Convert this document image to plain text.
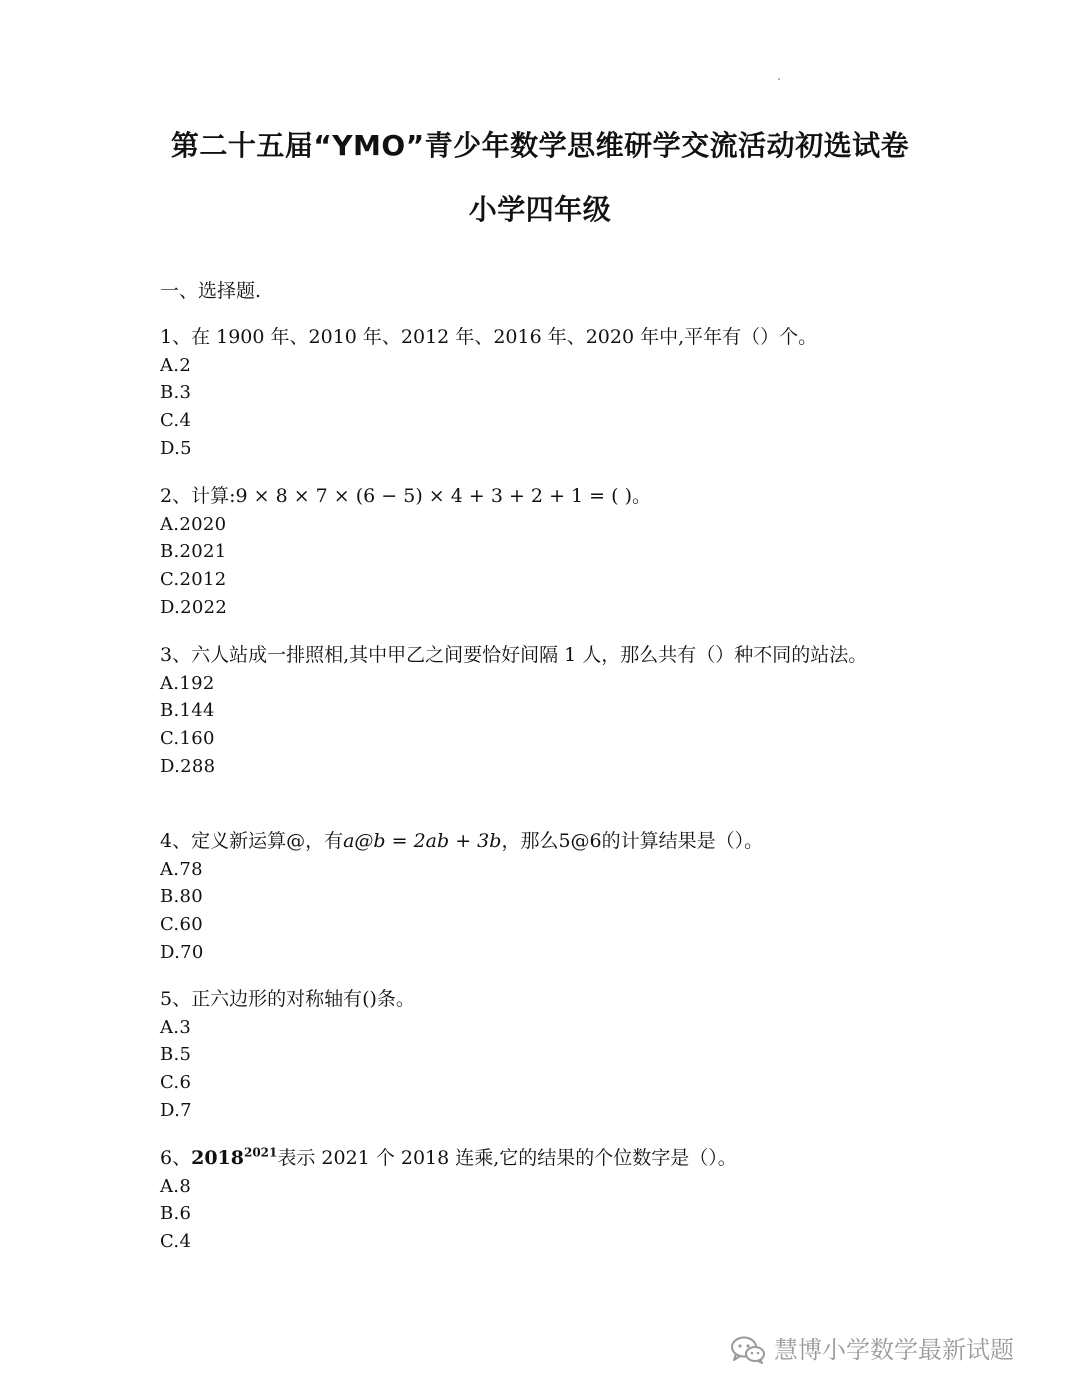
第二十五届“YMO”青少年数学思维研学交流活动初选试卷
小学四年级

一、选择题.

1、在 1900 年、2010 年、2012 年、2016 年、2020 年中,平年有（）个。

A.2
B.3
C.4
D.5

2、计算:9 × 8 × 7 × (6 − 5) × 4 + 3 + 2 + 1 = ( )。

A.2020
B.2021
C.2012
D.2022

3、六人站成一排照相,其中甲乙之间要恰好间隔 1 人，那么共有（）种不同的站法。

A.192
B.144
C.160
D.288

4、定义新运算@，有a@b = 2ab + 3b，那么5@6的计算结果是（）。

A.78
B.80
C.60
D.70

5、正六边形的对称轴有()条。

A.3
B.5
C.6
D.7

6、$2018^{2021}$表示 2021 个 2018 连乘,它的结果的个位数字是（）。

A.8
B.6
C.4
慧博小学数学最新试题
